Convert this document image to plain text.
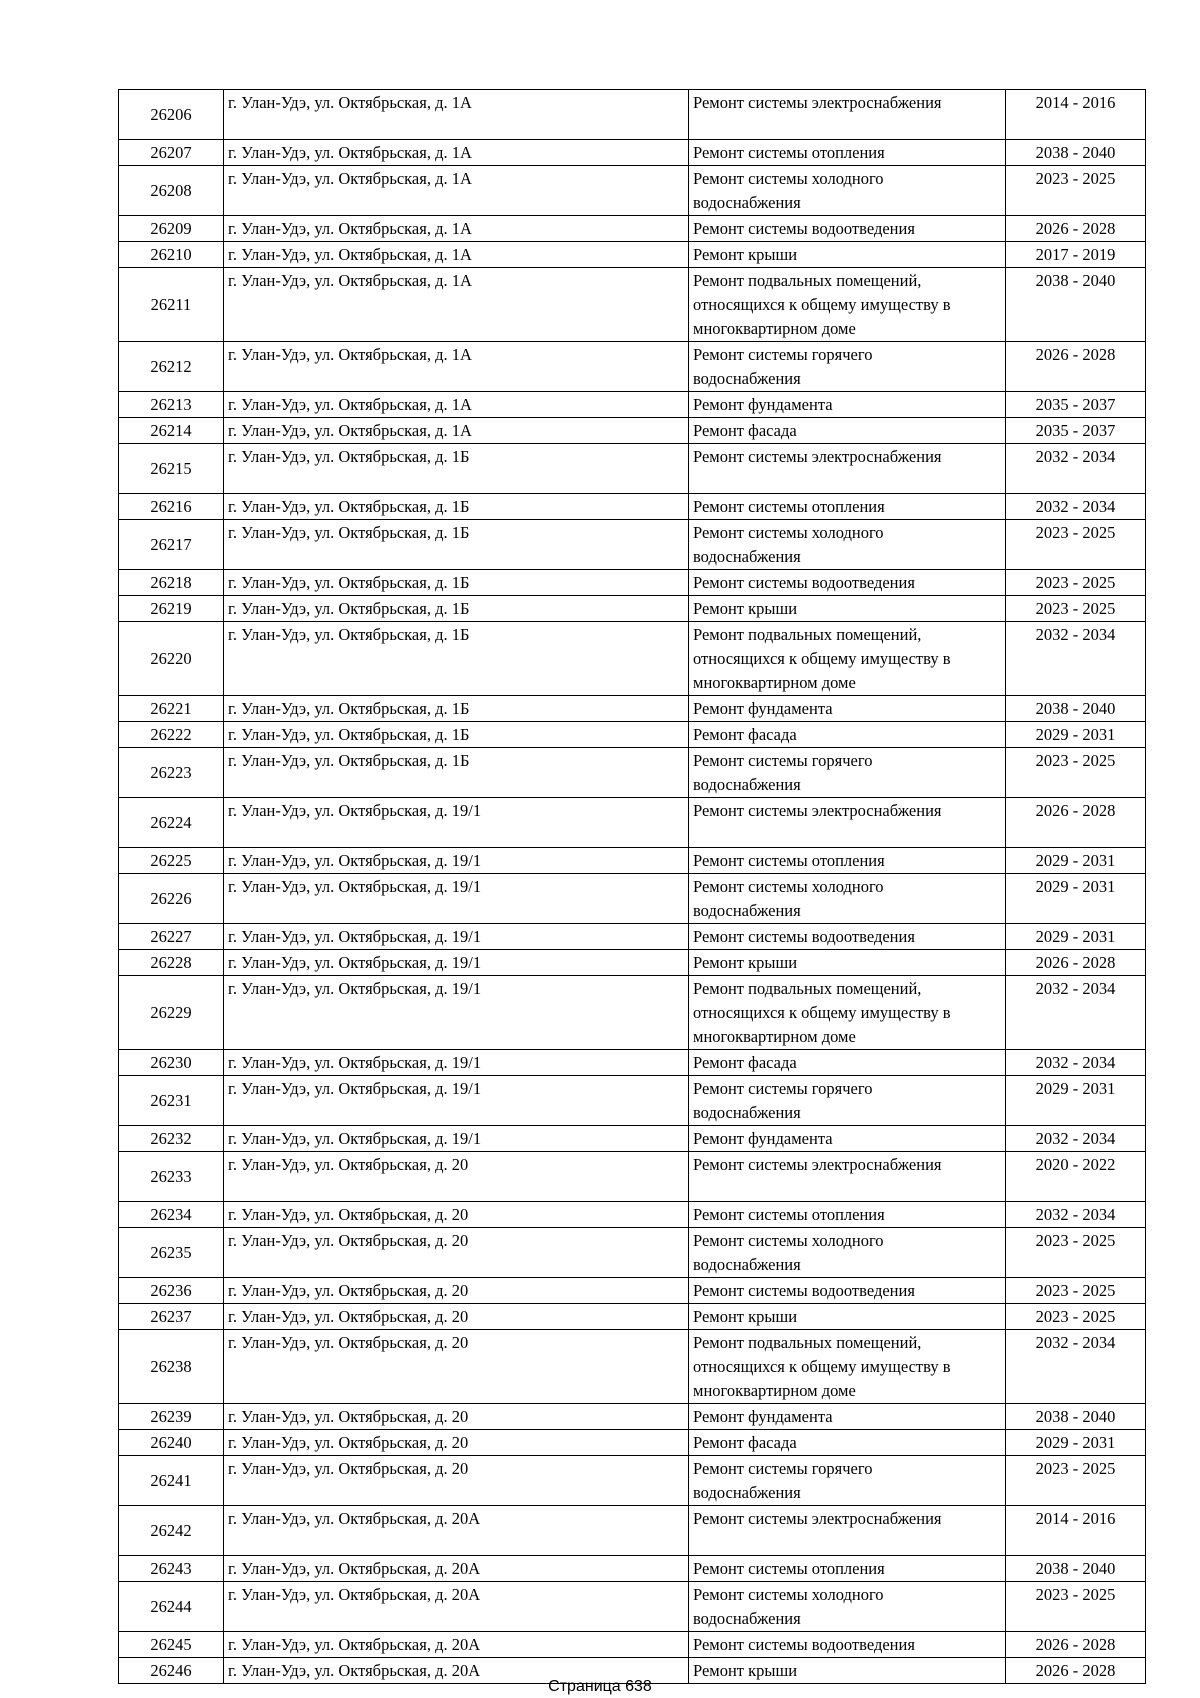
26206	г. Улан-Удэ, ул. Октябрьская, д. 1А	Ремонт системы электроснабжения	2014 - 2016
26207	г. Улан-Удэ, ул. Октябрьская, д. 1А	Ремонт системы отопления	2038 - 2040
26208	г. Улан-Удэ, ул. Октябрьская, д. 1А	Ремонт системы холодного
водоснабжения	2023 - 2025
26209	г. Улан-Удэ, ул. Октябрьская, д. 1А	Ремонт системы водоотведения	2026 - 2028
26210	г. Улан-Удэ, ул. Октябрьская, д. 1А	Ремонт крыши	2017 - 2019
26211	г. Улан-Удэ, ул. Октябрьская, д. 1А	Ремонт подвальных помещений,
относящихся к общему имуществу в
многоквартирном доме	2038 - 2040
26212	г. Улан-Удэ, ул. Октябрьская, д. 1А	Ремонт системы горячего
водоснабжения	2026 - 2028
26213	г. Улан-Удэ, ул. Октябрьская, д. 1А	Ремонт фундамента	2035 - 2037
26214	г. Улан-Удэ, ул. Октябрьская, д. 1А	Ремонт фасада	2035 - 2037
26215	г. Улан-Удэ, ул. Октябрьская, д. 1Б	Ремонт системы электроснабжения	2032 - 2034
26216	г. Улан-Удэ, ул. Октябрьская, д. 1Б	Ремонт системы отопления	2032 - 2034
26217	г. Улан-Удэ, ул. Октябрьская, д. 1Б	Ремонт системы холодного
водоснабжения	2023 - 2025
26218	г. Улан-Удэ, ул. Октябрьская, д. 1Б	Ремонт системы водоотведения	2023 - 2025
26219	г. Улан-Удэ, ул. Октябрьская, д. 1Б	Ремонт крыши	2023 - 2025
26220	г. Улан-Удэ, ул. Октябрьская, д. 1Б	Ремонт подвальных помещений,
относящихся к общему имуществу в
многоквартирном доме	2032 - 2034
26221	г. Улан-Удэ, ул. Октябрьская, д. 1Б	Ремонт фундамента	2038 - 2040
26222	г. Улан-Удэ, ул. Октябрьская, д. 1Б	Ремонт фасада	2029 - 2031
26223	г. Улан-Удэ, ул. Октябрьская, д. 1Б	Ремонт системы горячего
водоснабжения	2023 - 2025
26224	г. Улан-Удэ, ул. Октябрьская, д. 19/1	Ремонт системы электроснабжения	2026 - 2028
26225	г. Улан-Удэ, ул. Октябрьская, д. 19/1	Ремонт системы отопления	2029 - 2031
26226	г. Улан-Удэ, ул. Октябрьская, д. 19/1	Ремонт системы холодного
водоснабжения	2029 - 2031
26227	г. Улан-Удэ, ул. Октябрьская, д. 19/1	Ремонт системы водоотведения	2029 - 2031
26228	г. Улан-Удэ, ул. Октябрьская, д. 19/1	Ремонт крыши	2026 - 2028
26229	г. Улан-Удэ, ул. Октябрьская, д. 19/1	Ремонт подвальных помещений,
относящихся к общему имуществу в
многоквартирном доме	2032 - 2034
26230	г. Улан-Удэ, ул. Октябрьская, д. 19/1	Ремонт фасада	2032 - 2034
26231	г. Улан-Удэ, ул. Октябрьская, д. 19/1	Ремонт системы горячего
водоснабжения	2029 - 2031
26232	г. Улан-Удэ, ул. Октябрьская, д. 19/1	Ремонт фундамента	2032 - 2034
26233	г. Улан-Удэ, ул. Октябрьская, д. 20	Ремонт системы электроснабжения	2020 - 2022
26234	г. Улан-Удэ, ул. Октябрьская, д. 20	Ремонт системы отопления	2032 - 2034
26235	г. Улан-Удэ, ул. Октябрьская, д. 20	Ремонт системы холодного
водоснабжения	2023 - 2025
26236	г. Улан-Удэ, ул. Октябрьская, д. 20	Ремонт системы водоотведения	2023 - 2025
26237	г. Улан-Удэ, ул. Октябрьская, д. 20	Ремонт крыши	2023 - 2025
26238	г. Улан-Удэ, ул. Октябрьская, д. 20	Ремонт подвальных помещений,
относящихся к общему имуществу в
многоквартирном доме	2032 - 2034
26239	г. Улан-Удэ, ул. Октябрьская, д. 20	Ремонт фундамента	2038 - 2040
26240	г. Улан-Удэ, ул. Октябрьская, д. 20	Ремонт фасада	2029 - 2031
26241	г. Улан-Удэ, ул. Октябрьская, д. 20	Ремонт системы горячего
водоснабжения	2023 - 2025
26242	г. Улан-Удэ, ул. Октябрьская, д. 20А	Ремонт системы электроснабжения	2014 - 2016
26243	г. Улан-Удэ, ул. Октябрьская, д. 20А	Ремонт системы отопления	2038 - 2040
26244	г. Улан-Удэ, ул. Октябрьская, д. 20А	Ремонт системы холодного
водоснабжения	2023 - 2025
26245	г. Улан-Удэ, ул. Октябрьская, д. 20А	Ремонт системы водоотведения	2026 - 2028
26246	г. Улан-Удэ, ул. Октябрьская, д. 20А	Ремонт крыши	2026 - 2028
Страница 638
